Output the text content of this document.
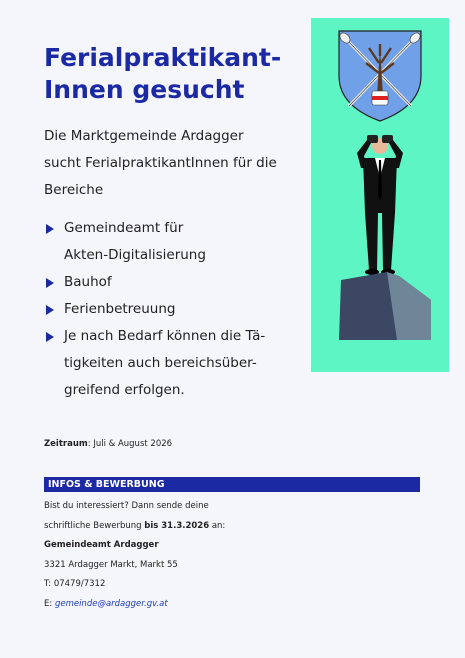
Ferialpraktikant-
Innen gesucht
Die Marktgemeinde Ardagger
sucht FerialpraktikantInnen für die
Bereiche
Gemeindeamt für
Akten-Digitalisierung
Bauhof
Ferienbetreuung
Je nach Bedarf können die Tä-
tigkeiten auch bereichsüber-
greifend erfolgen.
Zeitraum: Juli & August 2026
INFOS & BEWERBUNG
Bist du interessiert? Dann sende deine
schriftliche Bewerbung bis 31.3.2026 an:
Gemeindeamt Ardagger
3321 Ardagger Markt, Markt 55
T: 07479/7312
E: gemeinde@ardagger.gv.at
